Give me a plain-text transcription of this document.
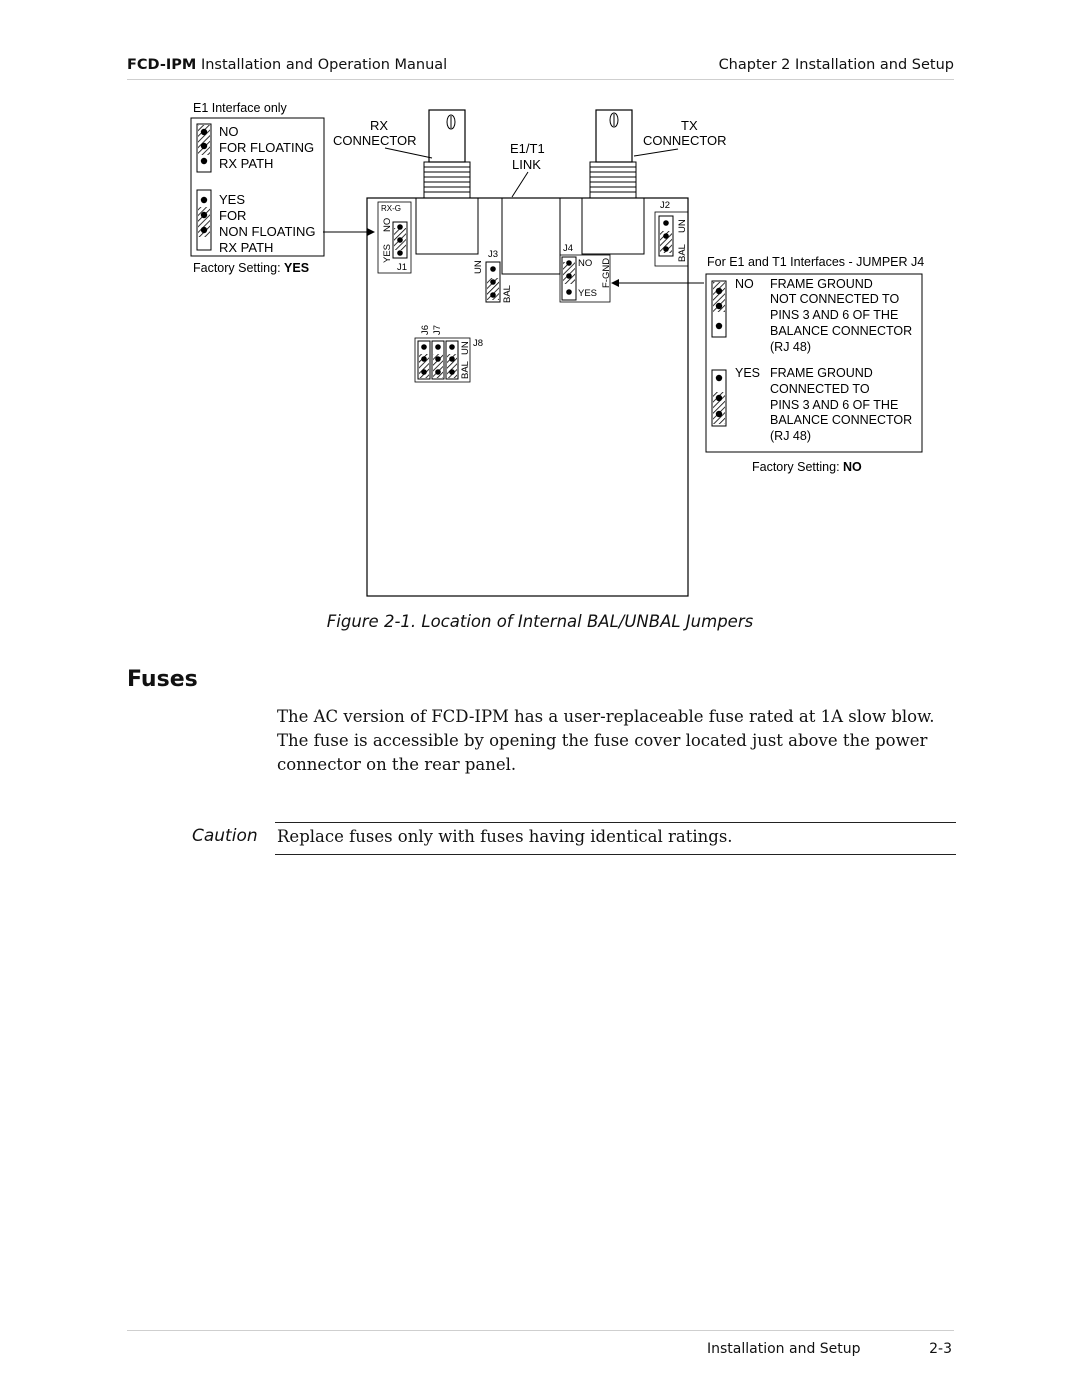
FCD-IPM Installation and Operation Manual	Chapter 2 Installation and Setup
E1 Interface only
NO
FOR FLOATING
RX PATH
YES
FOR
NON FLOATING
RX PATH
Factory Setting: YES
RX
CONNECTOR
TX
CONNECTOR
E1/T1
LINK
RX-G
NO
YES
J1
J3
UN
BAL
J4
NO
YES
F-GND
J2
UN
BAL
J6 J7
J8
UN
BAL
For E1 and T1 Interfaces - JUMPER J4
NO FRAME GROUND
NOT CONNECTED TO
PINS 3 AND 6 OF THE
BALANCE CONNECTOR
(RJ 48)
YES FRAME GROUND
CONNECTED TO
PINS 3 AND 6 OF THE
BALANCE CONNECTOR
(RJ 48)
Factory Setting: NO
Figure 2-1. Location of Internal BAL/UNBAL Jumpers
Fuses
The AC version of FCD-IPM has a user-replaceable fuse rated at 1A slow blow.
The fuse is accessible by opening the fuse cover located just above the power
connector on the rear panel.
Caution Replace fuses only with fuses having identical ratings.
Installation and Setup	2-3
